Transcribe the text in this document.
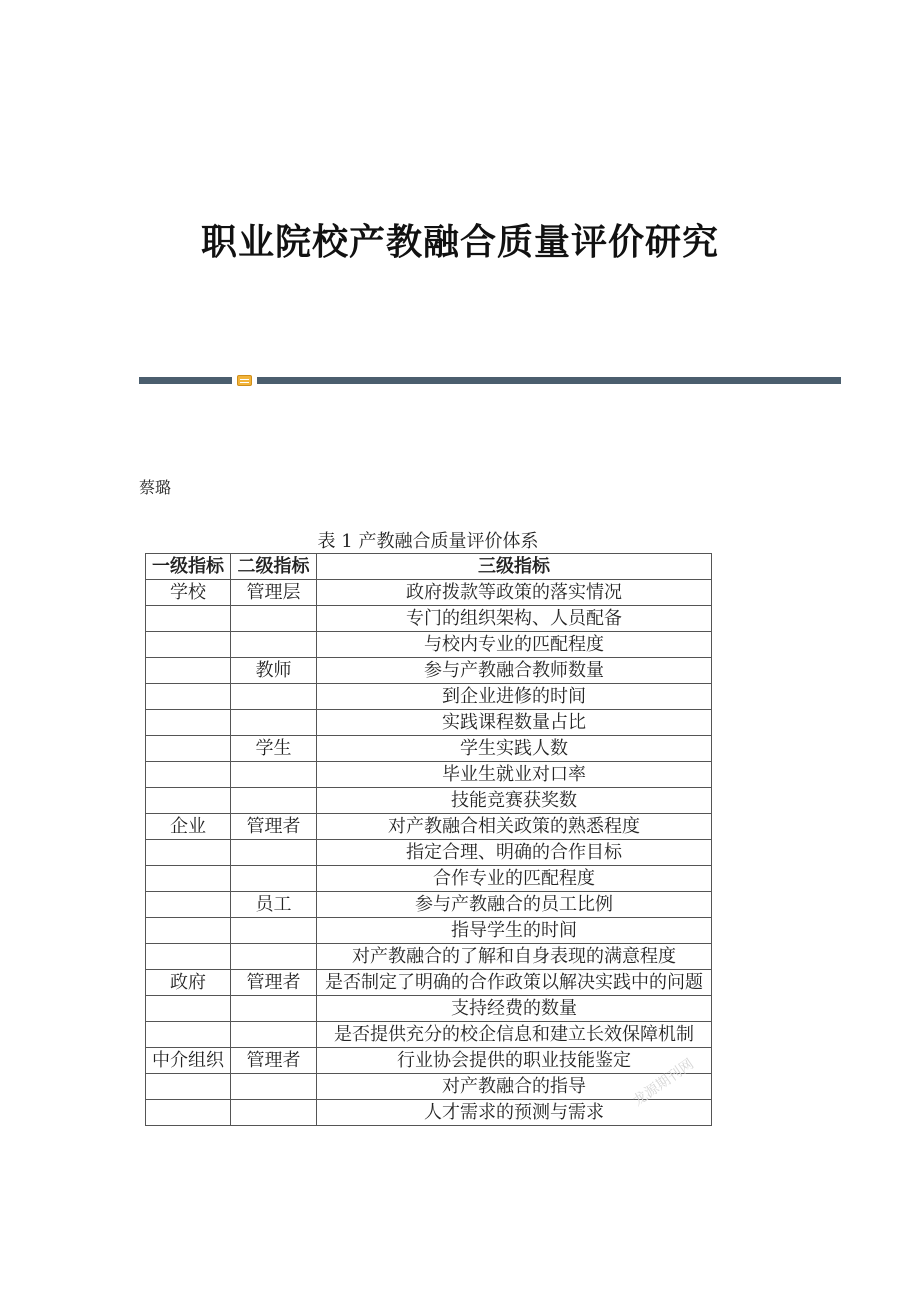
职业院校产教融合质量评价研究
蔡璐
表 1 产教融合质量评价体系
一级指标	二级指标	三级指标
学校	管理层	政府拨款等政策的落实情况
		专门的组织架构、人员配备
		与校内专业的匹配程度
	教师	参与产教融合教师数量
		到企业进修的时间
		实践课程数量占比
	学生	学生实践人数
		毕业生就业对口率
		技能竞赛获奖数
企业	管理者	对产教融合相关政策的熟悉程度
		指定合理、明确的合作目标
		合作专业的匹配程度
	员工	参与产教融合的员工比例
		指导学生的时间
		对产教融合的了解和自身表现的满意程度
政府	管理者	是否制定了明确的合作政策以解决实践中的问题
		支持经费的数量
		是否提供充分的校企信息和建立长效保障机制
中介组织	管理者	行业协会提供的职业技能鉴定
		对产教融合的指导
		人才需求的预测与需求
龙源期刊网
